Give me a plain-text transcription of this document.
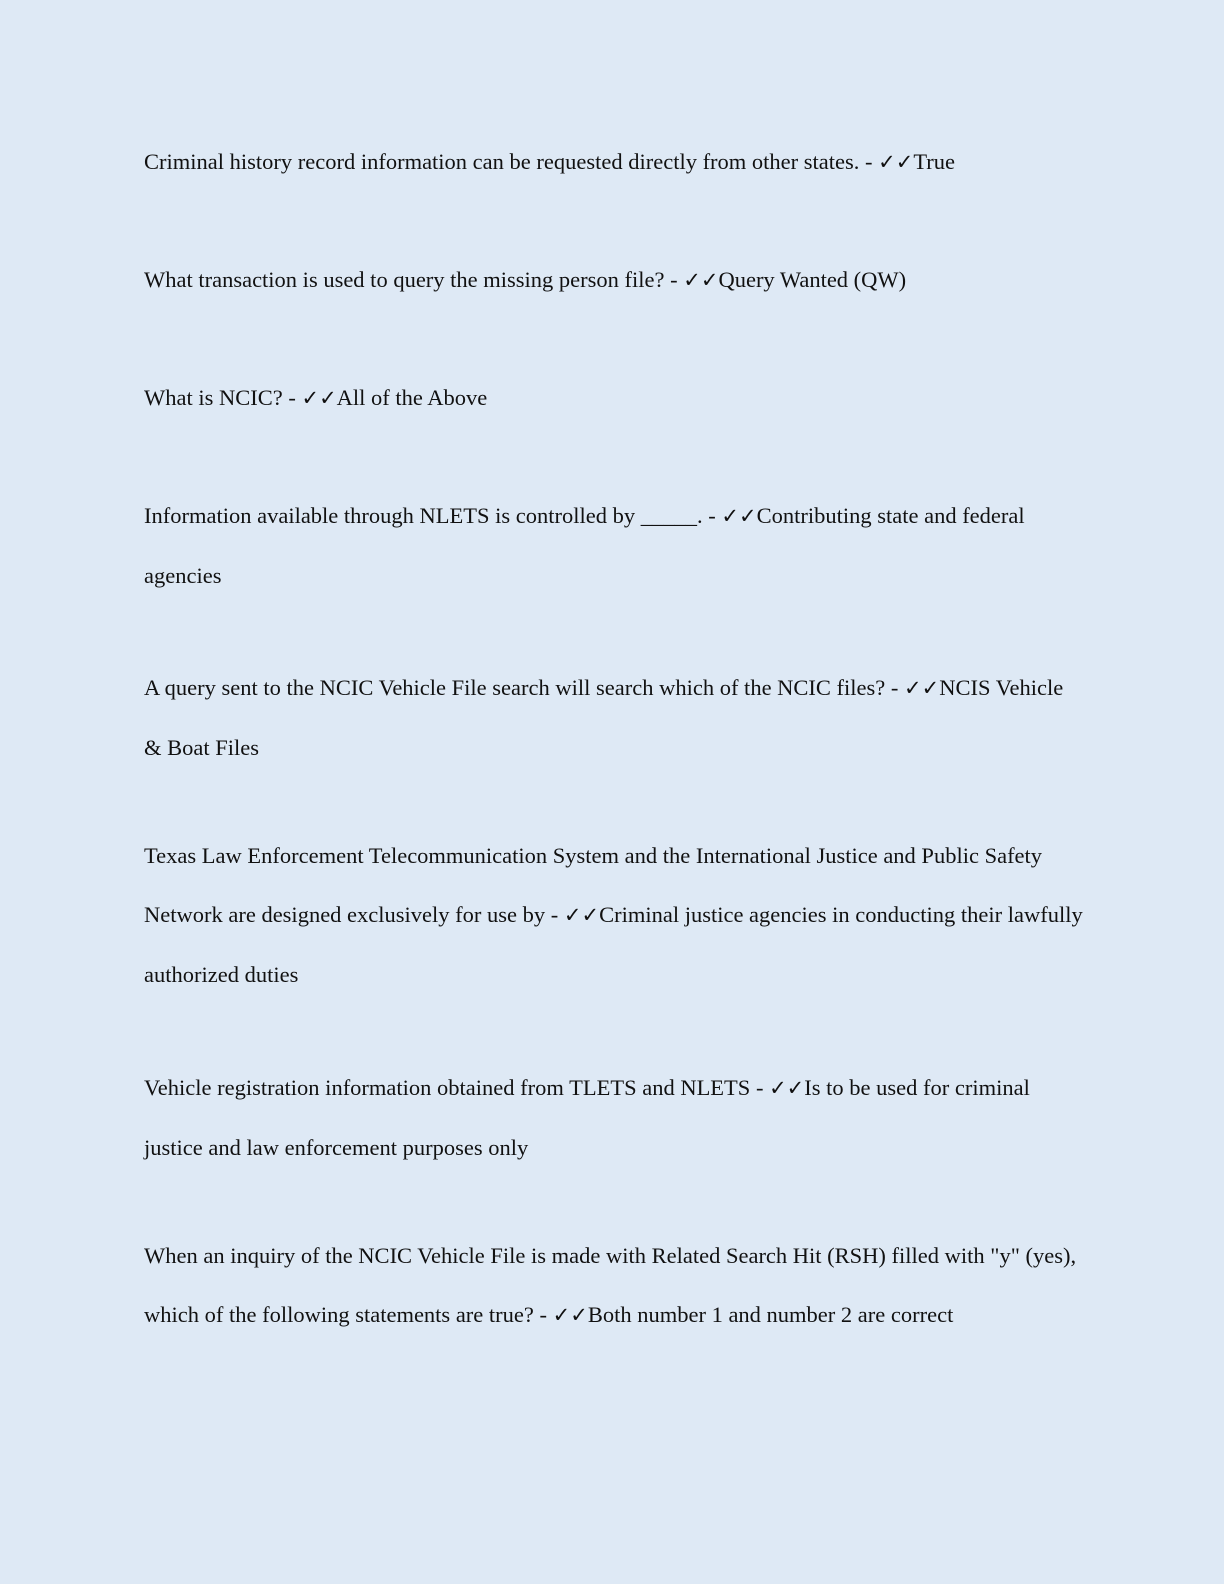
Criminal history record information can be requested directly from other states. - ✓✓True

What transaction is used to query the missing person file? - ✓✓Query Wanted (QW)

What is NCIC? - ✓✓All of the Above

Information available through NLETS is controlled by _____. - ✓✓Contributing state and federal agencies

A query sent to the NCIC Vehicle File search will search which of the NCIC files? - ✓✓NCIS Vehicle & Boat Files

Texas Law Enforcement Telecommunication System and the International Justice and Public Safety Network are designed exclusively for use by - ✓✓Criminal justice agencies in conducting their lawfully authorized duties

Vehicle registration information obtained from TLETS and NLETS - ✓✓Is to be used for criminal justice and law enforcement purposes only

When an inquiry of the NCIC Vehicle File is made with Related Search Hit (RSH) filled with "y" (yes), which of the following statements are true? - ✓✓Both number 1 and number 2 are correct
